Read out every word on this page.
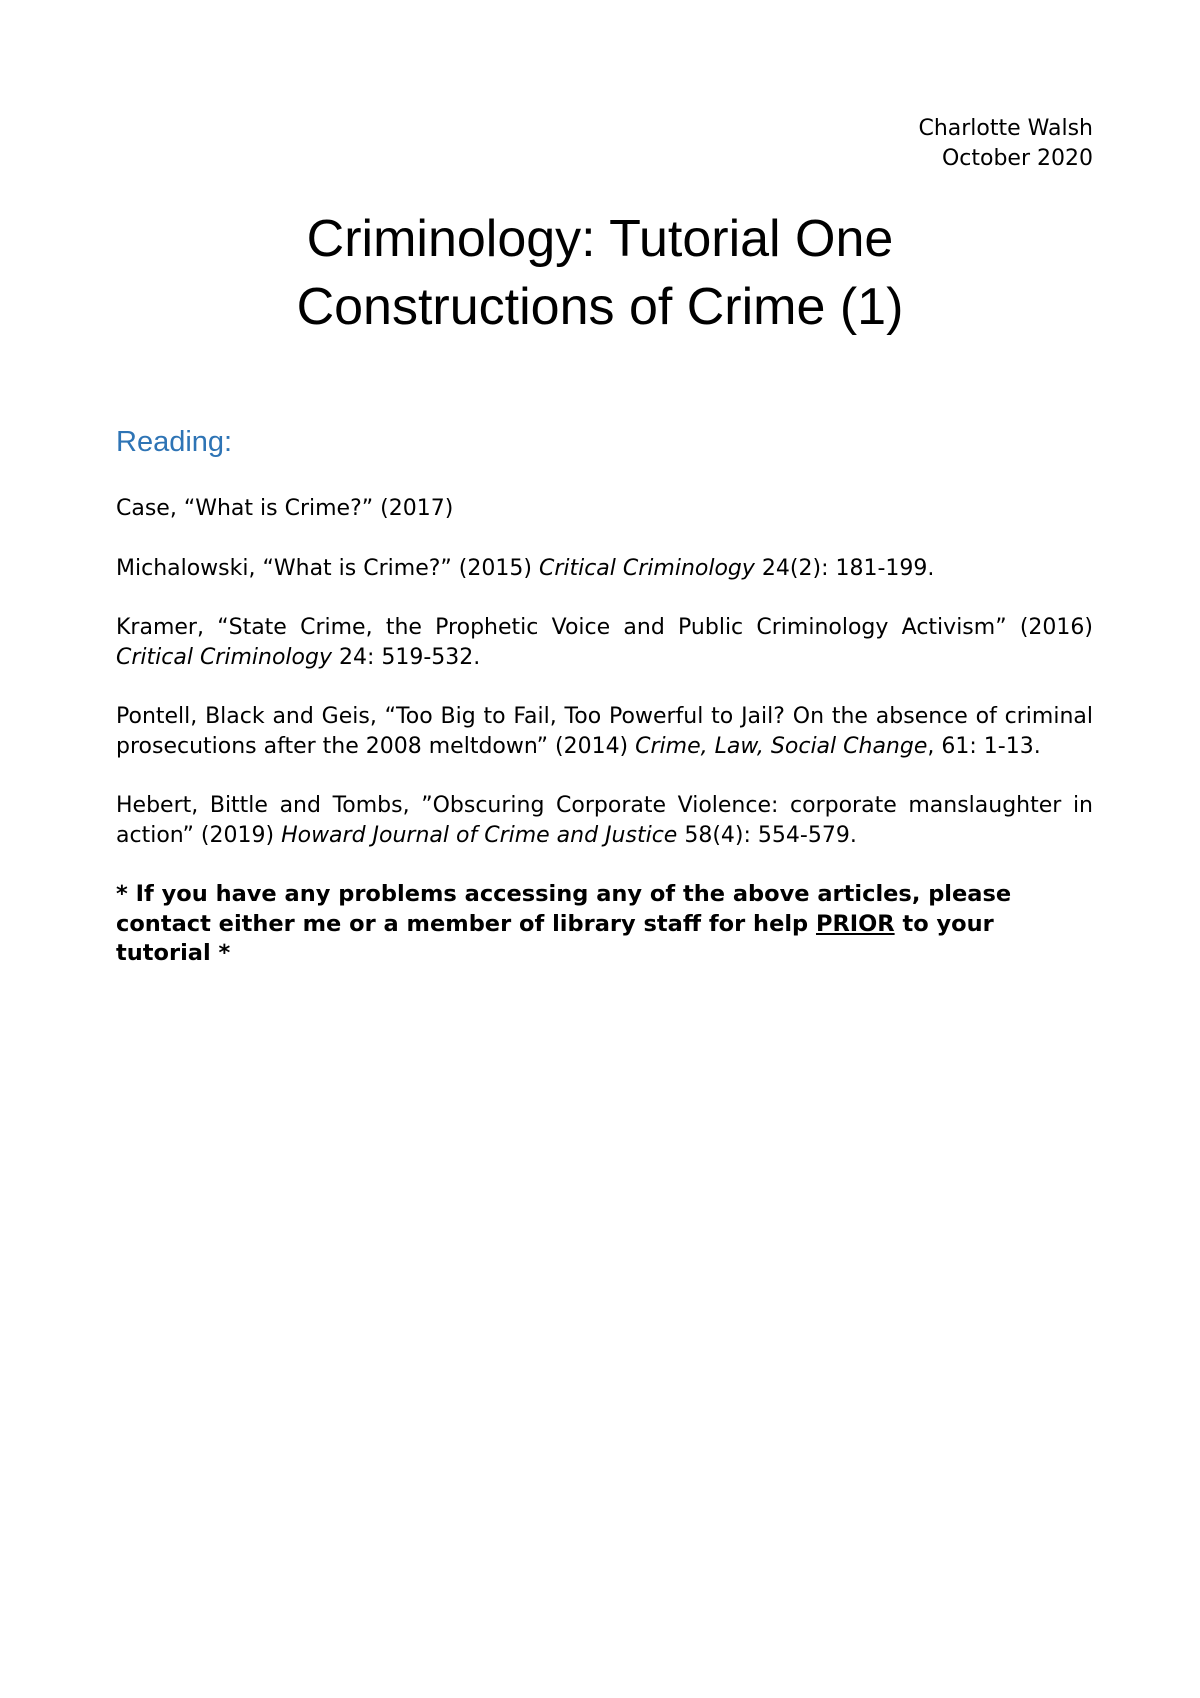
Charlotte Walsh
October 2020
Criminology: Tutorial One
Constructions of Crime (1)
Reading:

Case, “What is Crime?” (2017)

Michalowski, “What is Crime?” (2015) Critical Criminology 24(2): 181-199.

Kramer, “State Crime, the Prophetic Voice and Public Criminology Activism” (2016) Critical Criminology 24: 519-532.

Pontell, Black and Geis, “Too Big to Fail, Too Powerful to Jail? On the absence of criminal prosecutions after the 2008 meltdown” (2014) Crime, Law, Social Change, 61: 1-13.

Hebert, Bittle and Tombs, ”Obscuring Corporate Violence: corporate manslaughter in action” (2019) Howard Journal of Crime and Justice 58(4): 554-579.

* If you have any problems accessing any of the above articles, please contact either me or a member of library staff for help PRIOR to your tutorial *
